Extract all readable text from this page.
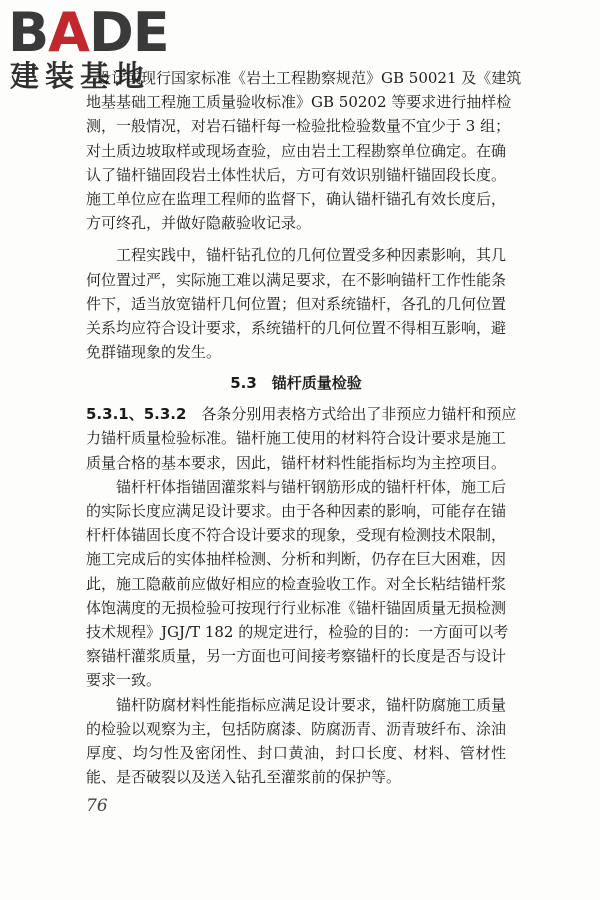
BADE
建装基地
设计或现行国家标准《岩土工程勘察规范》GB 50021 及《建筑
地基基础工程施工质量验收标准》GB 50202 等要求进行抽样检
测，一般情况，对岩石锚杆每一检验批检验数量不宜少于 3 组；
对土质边坡取样或现场查验，应由岩土工程勘察单位确定。在确
认了锚杆锚固段岩土体性状后，方可有效识别锚杆锚固段长度。
施工单位应在监理工程师的监督下，确认锚杆锚孔有效长度后，
方可终孔，并做好隐蔽验收记录。
工程实践中，锚杆钻孔位的几何位置受多种因素影响，其几
何位置过严，实际施工难以满足要求，在不影响锚杆工作性能条
件下，适当放宽锚杆几何位置；但对系统锚杆，各孔的几何位置
关系均应符合设计要求，系统锚杆的几何位置不得相互影响，避
免群锚现象的发生。
5.3　锚杆质量检验
5.3.1、5.3.2　各条分别用表格方式给出了非预应力锚杆和预应
力锚杆质量检验标准。锚杆施工使用的材料符合设计要求是施工
质量合格的基本要求，因此，锚杆材料性能指标均为主控项目。
锚杆杆体指锚固灌浆料与锚杆钢筋形成的锚杆杆体，施工后
的实际长度应满足设计要求。由于各种因素的影响，可能存在锚
杆杆体锚固长度不符合设计要求的现象，受现有检测技术限制，
施工完成后的实体抽样检测、分析和判断，仍存在巨大困难，因
此，施工隐蔽前应做好相应的检查验收工作。对全长粘结锚杆浆
体饱满度的无损检验可按现行行业标准《锚杆锚固质量无损检测
技术规程》JGJ/T 182 的规定进行，检验的目的：一方面可以考
察锚杆灌浆质量，另一方面也可间接考察锚杆的长度是否与设计
要求一致。
锚杆防腐材料性能指标应满足设计要求，锚杆防腐施工质量
的检验以观察为主，包括防腐漆、防腐沥青、沥青玻纤布、涂油
厚度、均匀性及密闭性、封口黄油，封口长度、材料、管材性
能、是否破裂以及送入钻孔至灌浆前的保护等。
76
